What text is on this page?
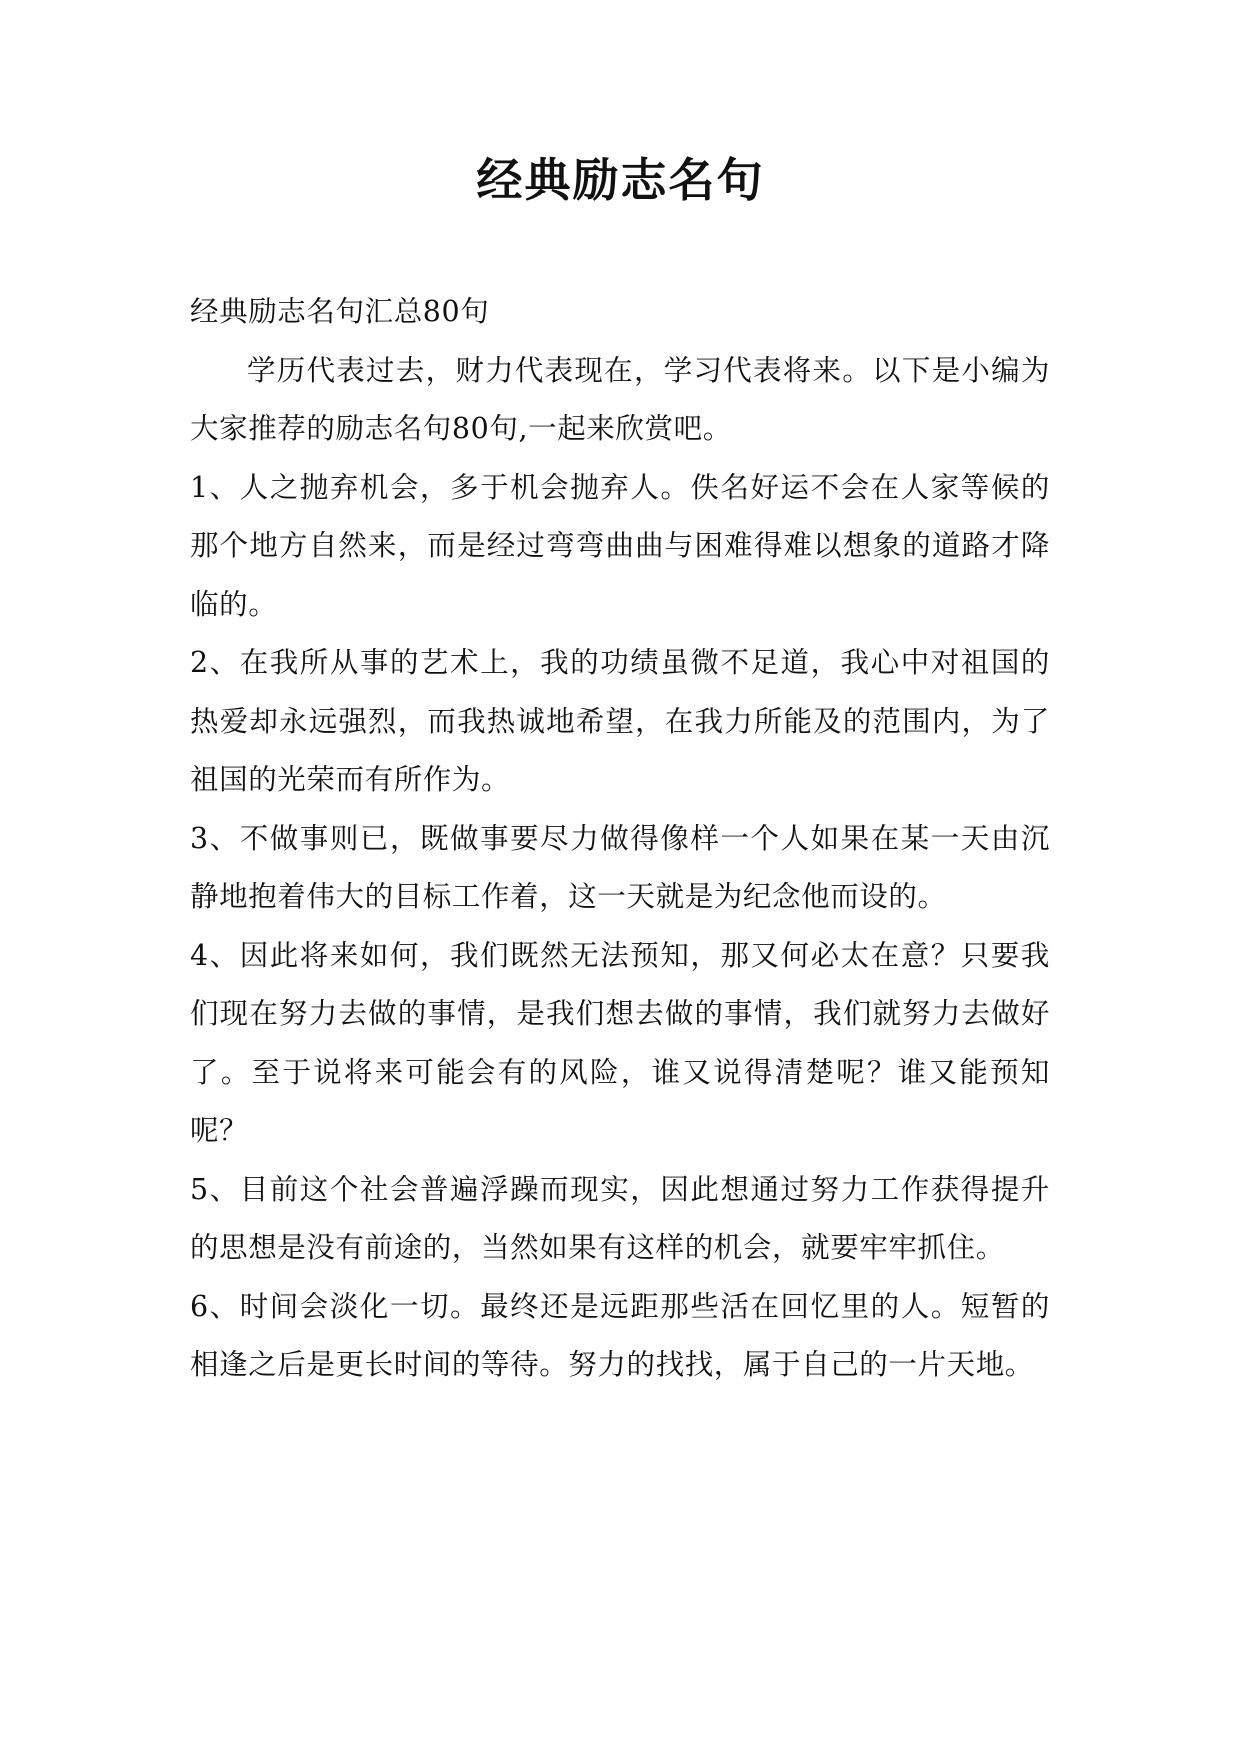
经典励志名句

经典励志名句汇总80句

学历代表过去，财力代表现在，学习代表将来。以下是小编为大家推荐的励志名句80句,一起来欣赏吧。

1、人之抛弃机会，多于机会抛弃人。佚名好运不会在人家等候的那个地方自然来，而是经过弯弯曲曲与困难得难以想象的道路才降临的。

2、在我所从事的艺术上，我的功绩虽微不足道，我心中对祖国的热爱却永远强烈，而我热诚地希望，在我力所能及的范围内，为了祖国的光荣而有所作为。

3、不做事则已，既做事要尽力做得像样一个人如果在某一天由沉静地抱着伟大的目标工作着，这一天就是为纪念他而设的。

4、因此将来如何，我们既然无法预知，那又何必太在意？只要我们现在努力去做的事情，是我们想去做的事情，我们就努力去做好了。至于说将来可能会有的风险，谁又说得清楚呢？谁又能预知呢？

5、目前这个社会普遍浮躁而现实，因此想通过努力工作获得提升的思想是没有前途的，当然如果有这样的机会，就要牢牢抓住。

6、时间会淡化一切。最终还是远距那些活在回忆里的人。短暂的相逢之后是更长时间的等待。努力的找找，属于自己的一片天地。
